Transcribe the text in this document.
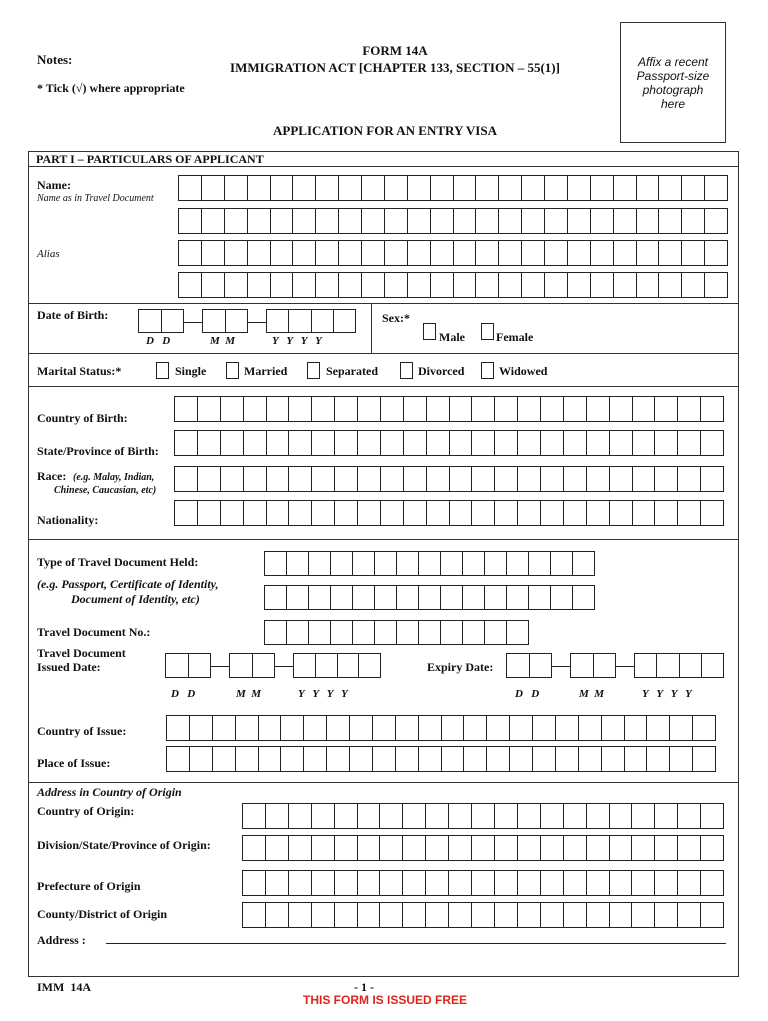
Notes:
* Tick (√) where appropriate
FORM 14A
IMMIGRATION ACT [CHAPTER 133, SECTION – 55(1)]
APPLICATION FOR AN ENTRY VISA
Affix a recent
Passport-size
photograph
here
PART I – PARTICULARS OF APPLICANT
Name:
Name as in Travel Document
Alias
Date of Birth:
D   D	M  M	Y   Y   Y   Y
Sex:*
Male	Female
Marital Status:*	Single	Married	Separated	Divorced	Widowed
Country of Birth:
State/Province of Birth:
Race: (e.g. Malay, Indian,
Chinese, Caucasian, etc)
Nationality:
Type of Travel Document Held:
(e.g. Passport, Certificate of Identity,
Document of Identity, etc)
Travel Document No.:
Travel Document
Issued Date:	Expiry Date:
D   D	M  M	Y   Y   Y   Y	D   D	M  M	Y   Y   Y   Y
Country of Issue:
Place of Issue:
Address in Country of Origin
Country of Origin:
Division/State/Province of Origin:
Prefecture of Origin
County/District of Origin
Address :
IMM  14A	- 1 -
THIS FORM IS ISSUED FREE
